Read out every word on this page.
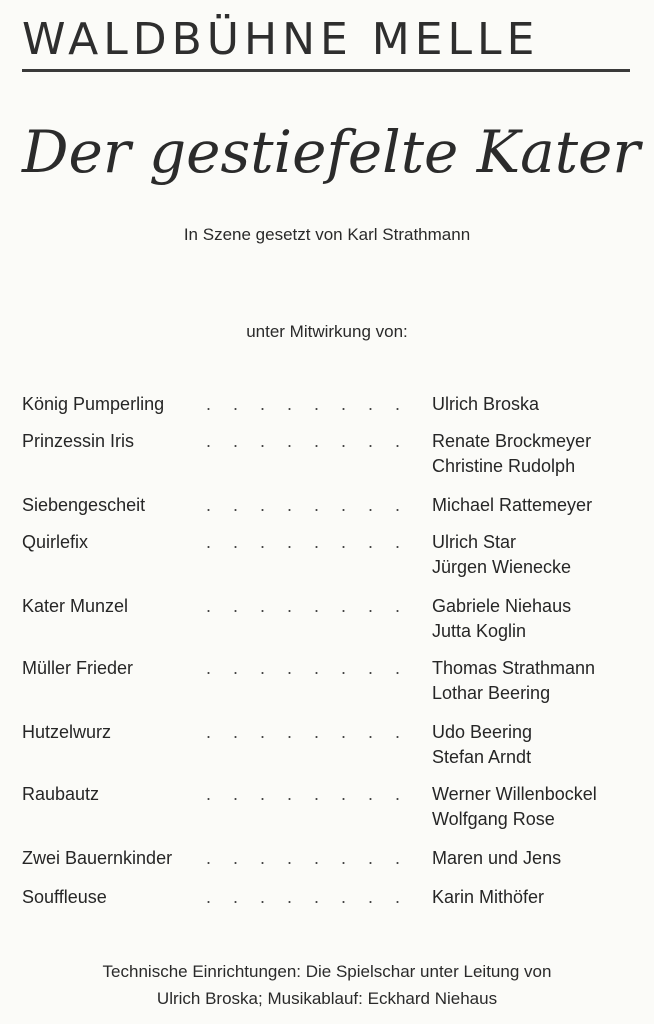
WALDBÜHNE MELLE
Der gestiefelte Kater
In Szene gesetzt von Karl Strathmann
unter Mitwirkung von:
König Pumperling	........ Ulrich Broska
Prinzessin Iris	........ Renate Brockmeyer
Christine Rudolph
Siebengescheit	........ Michael Rattemeyer
Quirlefix	........ Ulrich Star
Jürgen Wienecke
Kater Munzel	........ Gabriele Niehaus
Jutta Koglin
Müller Frieder	........ Thomas Strathmann
Lothar Beering
Hutzelwurz	........ Udo Beering
Stefan Arndt
Raubautz	........ Werner Willenbockel
Wolfgang Rose
Zwei Bauernkinder	........ Maren und Jens
Souffleuse	........ Karin Mithöfer
Technische Einrichtungen: Die Spielschar unter Leitung von
Ulrich Broska; Musikablauf: Eckhard Niehaus
